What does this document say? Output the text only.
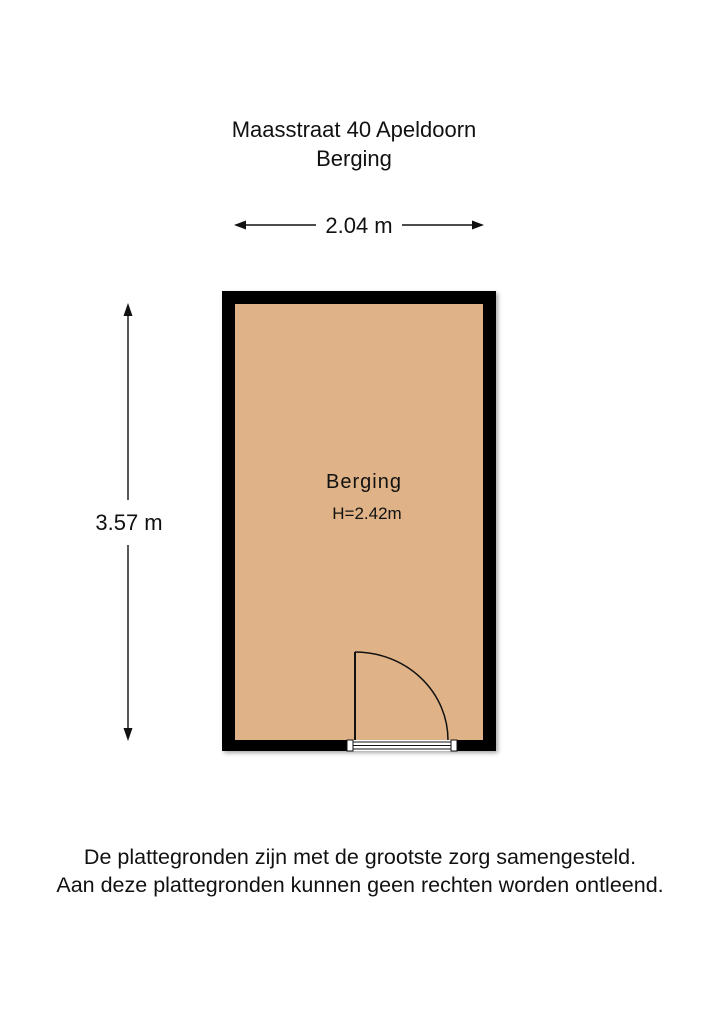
Maasstraat 40 Apeldoorn
Berging
2.04 m
3.57 m
Berging
H=2.42m
De plattegronden zijn met de grootste zorg samengesteld.
Aan deze plattegronden kunnen geen rechten worden ontleend.
